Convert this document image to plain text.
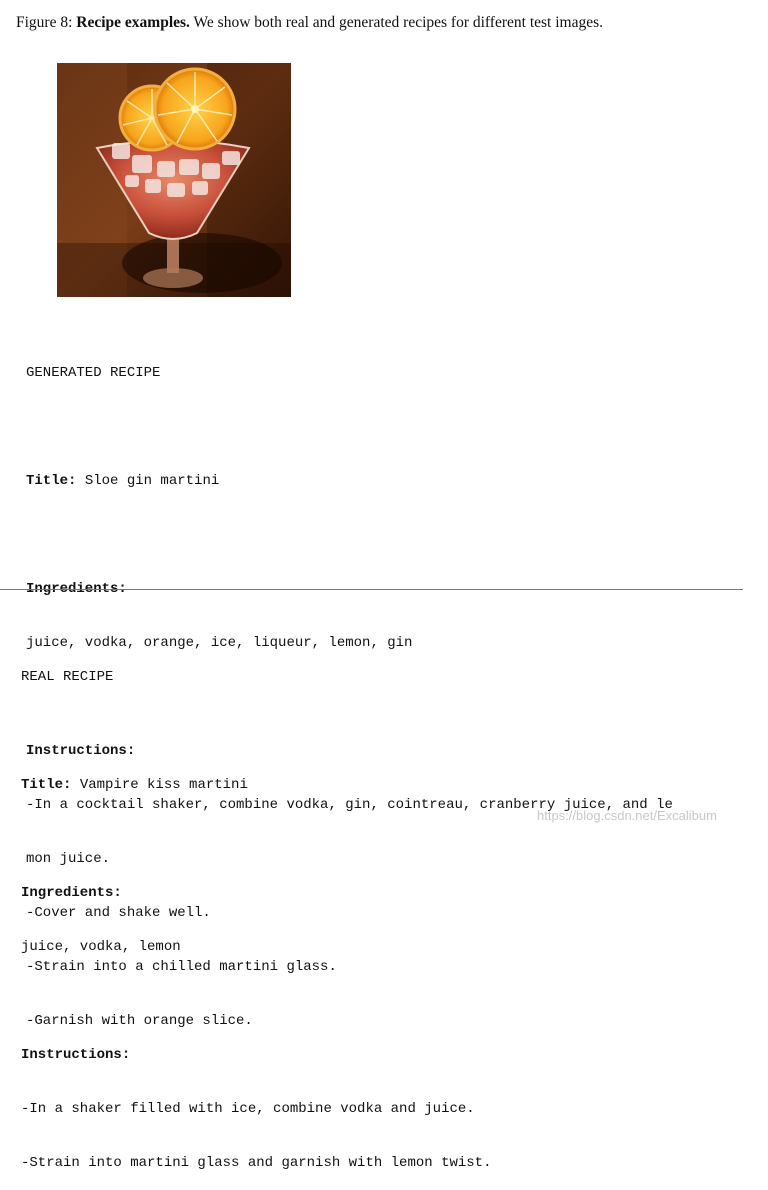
Figure 8: Recipe examples. We show both real and generated recipes for different test images.

GENERATED RECIPE

Title: Sloe gin martini

Ingredients:

juice, vodka, orange, ice, liqueur, lemon, gin

Instructions:

-In a cocktail shaker, combine vodka, gin, cointreau, cranberry juice, and le

mon juice.

-Cover and shake well.

-Strain into a chilled martini glass.

-Garnish with orange slice.

REAL RECIPE

Title: Vampire kiss martini

Ingredients:

juice, vodka, lemon

Instructions:

-In a shaker filled with ice, combine vodka and juice.

-Strain into martini glass and garnish with lemon twist.

https://blog.csdn.net/Excalibum
